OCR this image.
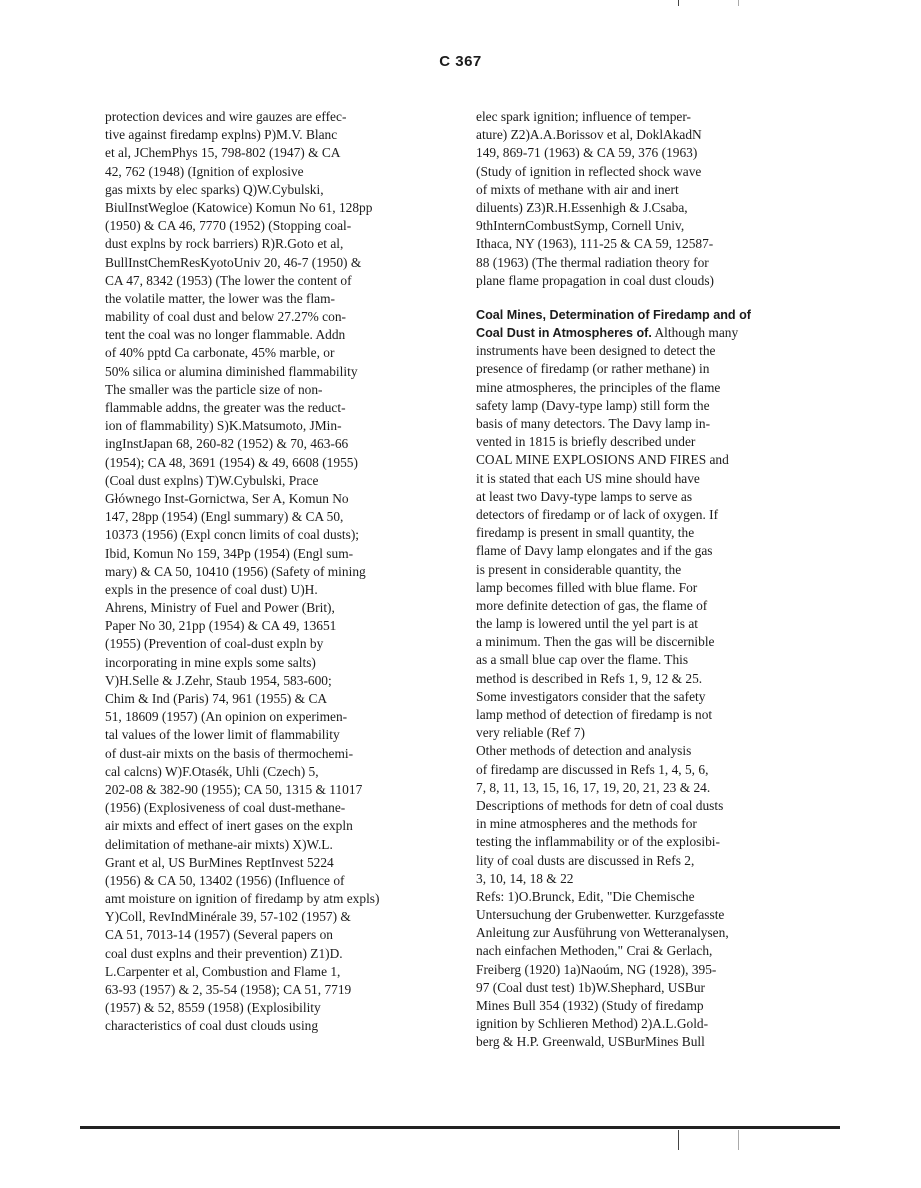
C 367
protection devices and wire gauzes are effec-
tive against firedamp explns) P)M.V. Blanc
et al, JChemPhys 15, 798-802 (1947) & CA
42, 762 (1948) (Ignition of explosive
gas mixts by elec sparks) Q)W.Cybulski,
BiulInstWegloe (Katowice) Komun No 61, 128pp
(1950) & CA 46, 7770 (1952) (Stopping coal-
dust explns by rock barriers) R)R.Goto et al,
BullInstChemResKyotoUniv 20, 46-7 (1950) &
CA 47, 8342 (1953) (The lower the content of
the volatile matter, the lower was the flam-
mability of coal dust and below 27.27% con-
tent the coal was no longer flammable. Addn
of 40% pptd Ca carbonate, 45% marble, or
50% silica or alumina diminished flammability
The smaller was the particle size of non-
flammable addns, the greater was the reduct-
ion of flammability) S)K.Matsumoto, JMin-
ingInstJapan 68, 260-82 (1952) & 70, 463-66
(1954); CA 48, 3691 (1954) & 49, 6608 (1955)
(Coal dust explns) T)W.Cybulski, Prace
Głównego Inst-Gornictwa, Ser A, Komun No
147, 28pp (1954) (Engl summary) & CA 50,
10373 (1956) (Expl concn limits of coal dusts);
Ibid, Komun No 159, 34Pp (1954) (Engl sum-
mary) & CA 50, 10410 (1956) (Safety of mining
expls in the presence of coal dust) U)H.
Ahrens, Ministry of Fuel and Power (Brit),
Paper No 30, 21pp (1954) & CA 49, 13651
(1955) (Prevention of coal-dust expln by
incorporating in mine expls some salts)
V)H.Selle & J.Zehr, Staub 1954, 583-600;
Chim & Ind (Paris) 74, 961 (1955) & CA
51, 18609 (1957) (An opinion on experimen-
tal values of the lower limit of flammability
of dust-air mixts on the basis of thermochemi-
cal calcns) W)F.Otasék, Uhli (Czech) 5,
202-08 & 382-90 (1955); CA 50, 1315 & 11017
(1956) (Explosiveness of coal dust-methane-
air mixts and effect of inert gases on the expln
delimitation of methane-air mixts) X)W.L.
Grant et al, US BurMines ReptInvest 5224
(1956) & CA 50, 13402 (1956) (Influence of
amt moisture on ignition of firedamp by atm expls)
Y)Coll, RevIndMinérale 39, 57-102 (1957) &
CA 51, 7013-14 (1957) (Several papers on
coal dust explns and their prevention) Z1)D.
L.Carpenter et al, Combustion and Flame 1,
63-93 (1957) & 2, 35-54 (1958); CA 51, 7719
(1957) & 52, 8559 (1958) (Explosibility
characteristics of coal dust clouds using
elec spark ignition; influence of temper-
ature) Z2)A.A.Borissov et al, DoklAkadN
149, 869-71 (1963) & CA 59, 376 (1963)
(Study of ignition in reflected shock wave
of mixts of methane with air and inert
diluents) Z3)R.H.Essenhigh & J.Csaba,
9thInternCombustSymp, Cornell Univ,
Ithaca, NY (1963), 111-25 & CA 59, 12587-
88 (1963) (The thermal radiation theory for
plane flame propagation in coal dust clouds)
Coal Mines, Determination of Firedamp and of
Coal Dust in Atmospheres of. Although many
instruments have been designed to detect the
presence of firedamp (or rather methane) in
mine atmospheres, the principles of the flame
safety lamp (Davy-type lamp) still form the
basis of many detectors. The Davy lamp in-
vented in 1815 is briefly described under
COAL MINE EXPLOSIONS AND FIRES and
it is stated that each US mine should have
at least two Davy-type lamps to serve as
detectors of firedamp or of lack of oxygen. If
firedamp is present in small quantity, the
flame of Davy lamp elongates and if the gas
is present in considerable quantity, the
lamp becomes filled with blue flame. For
more definite detection of gas, the flame of
the lamp is lowered until the yel part is at
a minimum. Then the gas will be discernible
as a small blue cap over the flame. This
method is described in Refs 1, 9, 12 & 25.
Some investigators consider that the safety
lamp method of detection of firedamp is not
very reliable (Ref 7)
Other methods of detection and analysis
of firedamp are discussed in Refs 1, 4, 5, 6,
7, 8, 11, 13, 15, 16, 17, 19, 20, 21, 23 & 24.
Descriptions of methods for detn of coal dusts
in mine atmospheres and the methods for
testing the inflammability or of the explosibi-
lity of coal dusts are discussed in Refs 2,
3, 10, 14, 18 & 22
Refs: 1)O.Brunck, Edit, "Die Chemische
Untersuchung der Grubenwetter. Kurzgefasste
Anleitung zur Ausführung von Wetteranalysen,
nach einfachen Methoden," Crai & Gerlach,
Freiberg (1920) 1a)Naoúm, NG (1928), 395-
97 (Coal dust test) 1b)W.Shephard, USBur
Mines Bull 354 (1932) (Study of firedamp
ignition by Schlieren Method) 2)A.L.Gold-
berg & H.P. Greenwald, USBurMines Bull
